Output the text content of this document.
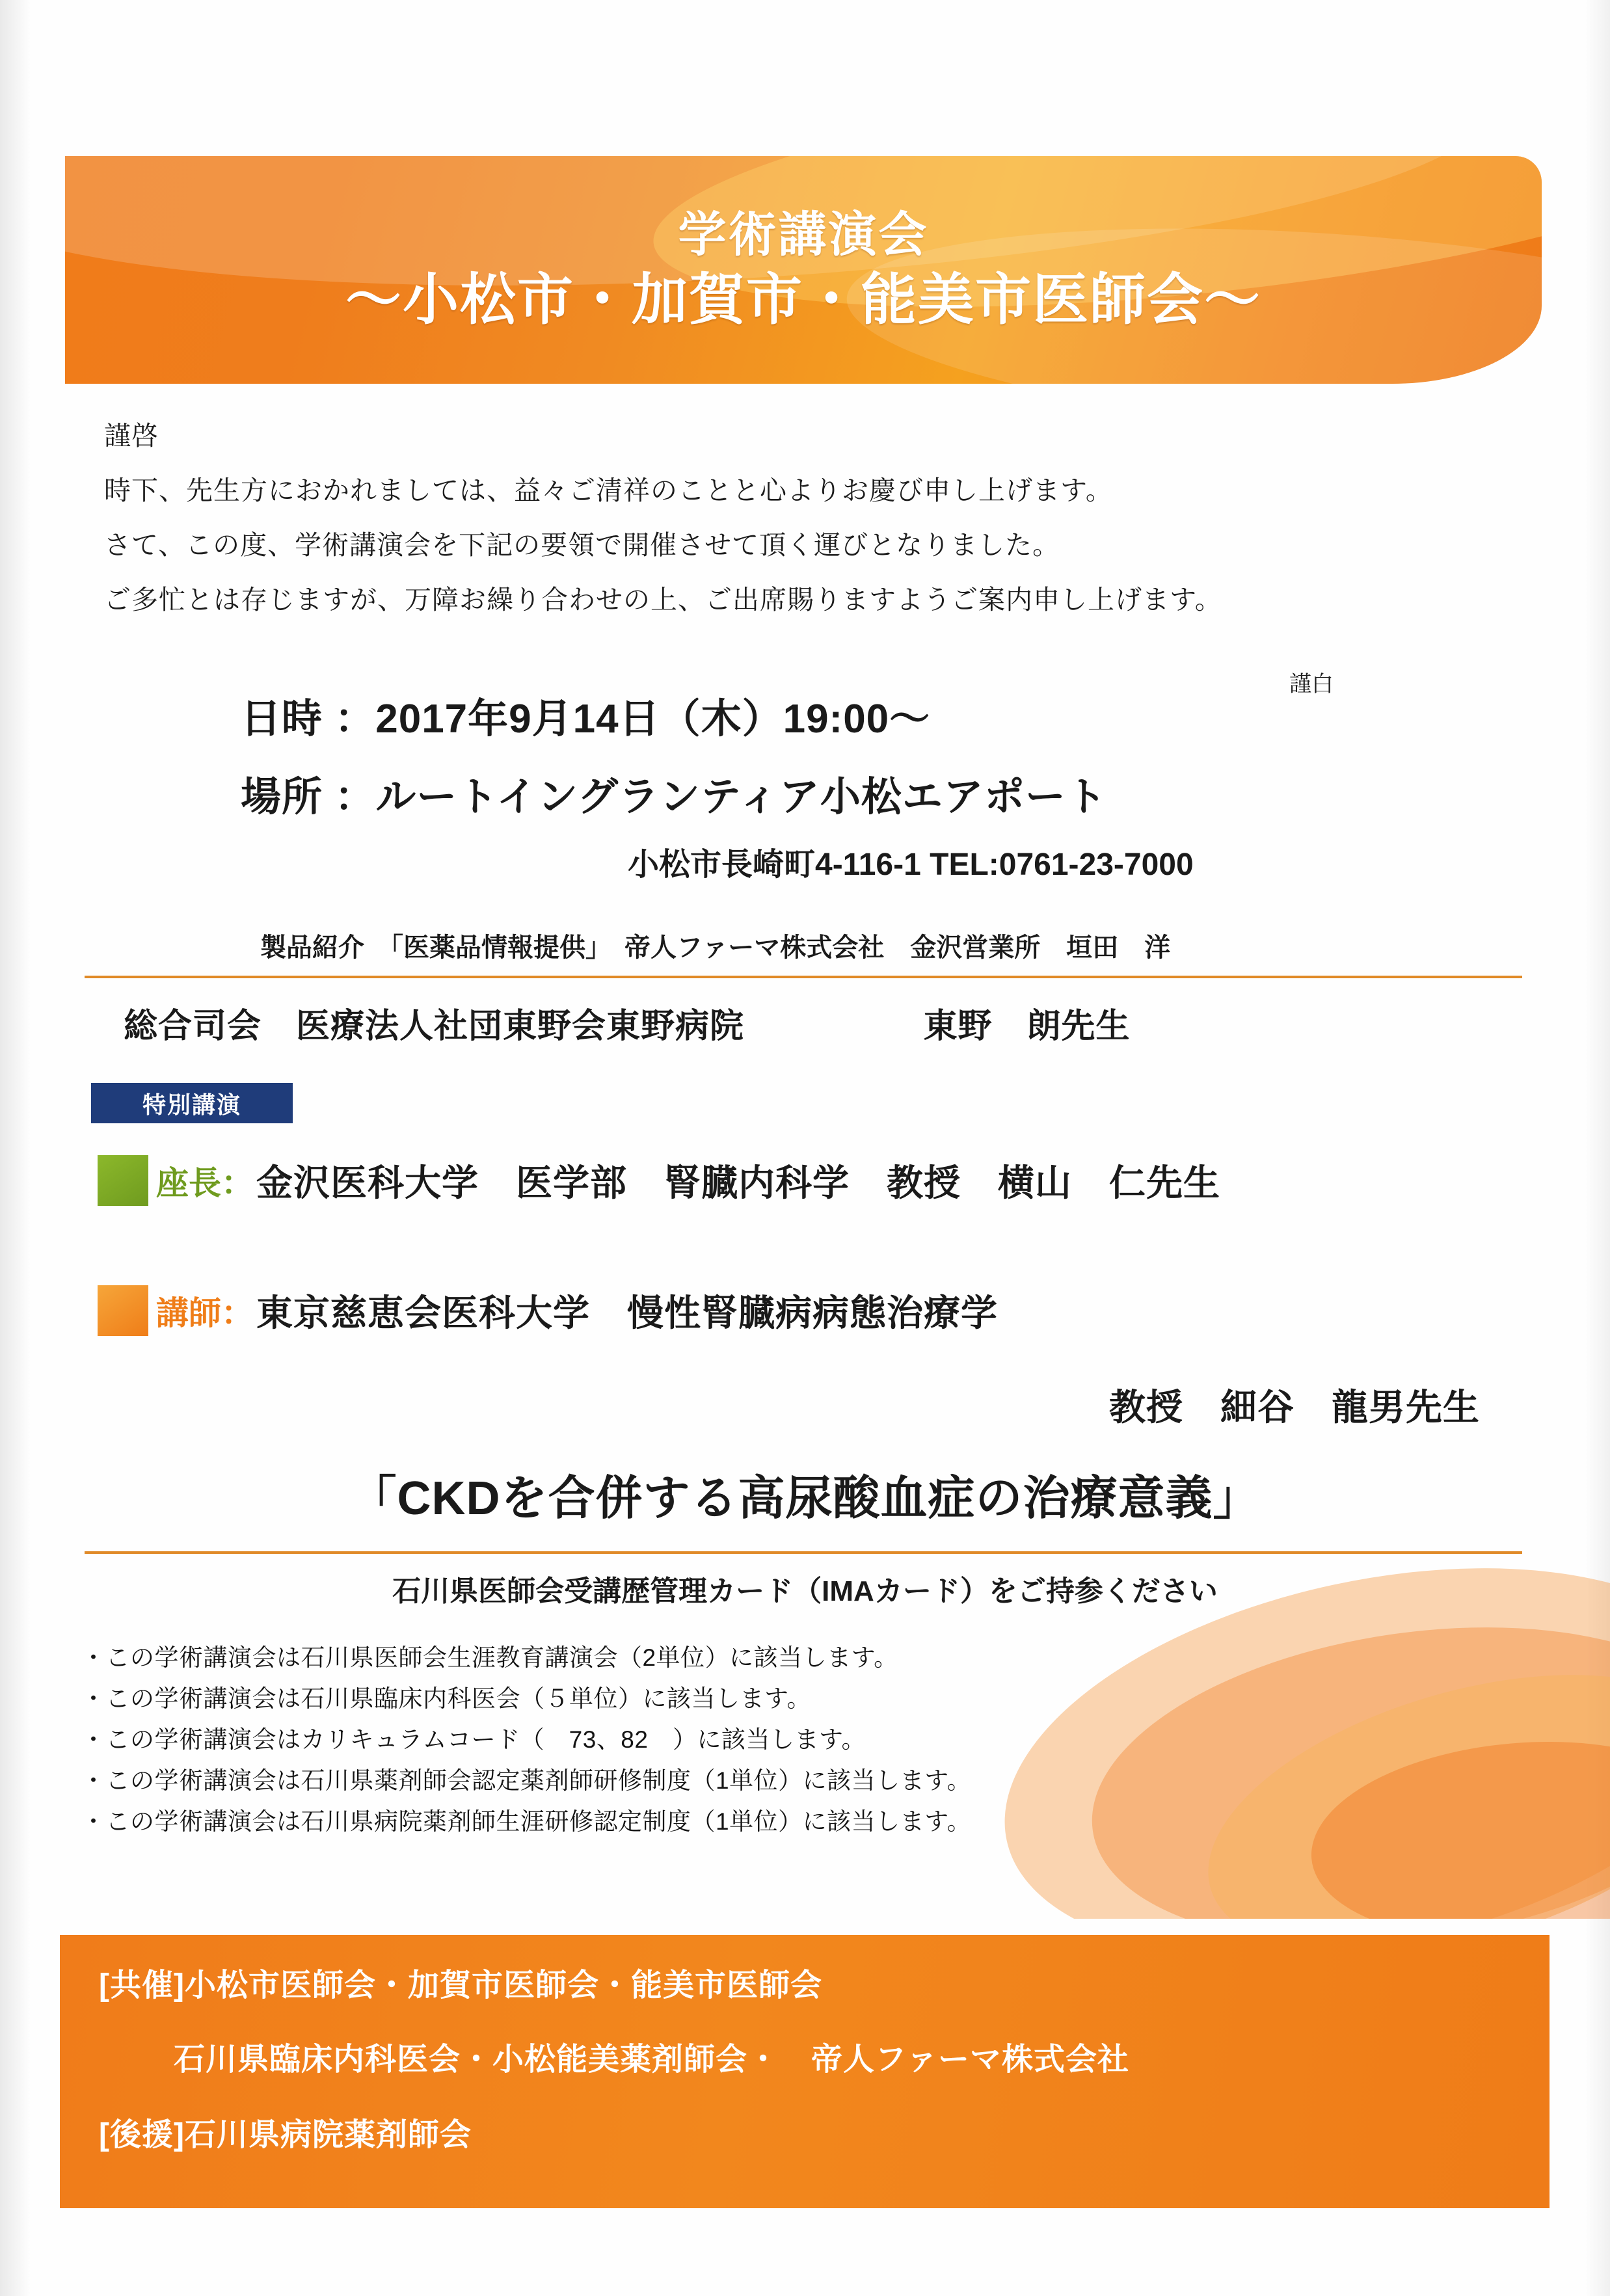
学術講演会
〜小松市・加賀市・能美市医師会〜

謹啓

時下、先生方におかれましては、益々ご清祥のことと心よりお慶び申し上げます。

さて、この度、学術講演会を下記の要領で開催させて頂く運びとなりました。

ご多忙とは存じますが、万障お繰り合わせの上、ご出席賜りますようご案内申し上げます。

謹白
日時 ：2017年9月14日（木）19:00〜
場所 ：ルートイングランティア小松エアポート
小松市長崎町4-116-1 TEL:0761-23-7000
製品紹介　「医薬品情報提供」　帝人ファーマ株式会社　金沢営業所　垣田　洋
総合司会　医療法人社団東野会東野病院	東野　朗先生
特別講演
座長： 金沢医科大学　医学部　腎臓内科学　教授　横山　仁先生
講師： 東京慈恵会医科大学　慢性腎臓病病態治療学
教授　細谷　龍男先生
「CKDを合併する高尿酸血症の治療意義」
石川県医師会受講歴管理カード（IMAカード）をご持参ください
・この学術講演会は石川県医師会生涯教育講演会（2単位）に該当します。
・この学術講演会は石川県臨床内科医会（５単位）に該当します。
・この学術講演会はカリキュラムコード（　73、82　）に該当します。
・この学術講演会は石川県薬剤師会認定薬剤師研修制度（1単位）に該当します。
・この学術講演会は石川県病院薬剤師生涯研修認定制度（1単位）に該当します。
[共催]小松市医師会・加賀市医師会・能美市医師会
石川県臨床内科医会・小松能美薬剤師会・　帝人ファーマ株式会社
[後援]石川県病院薬剤師会
